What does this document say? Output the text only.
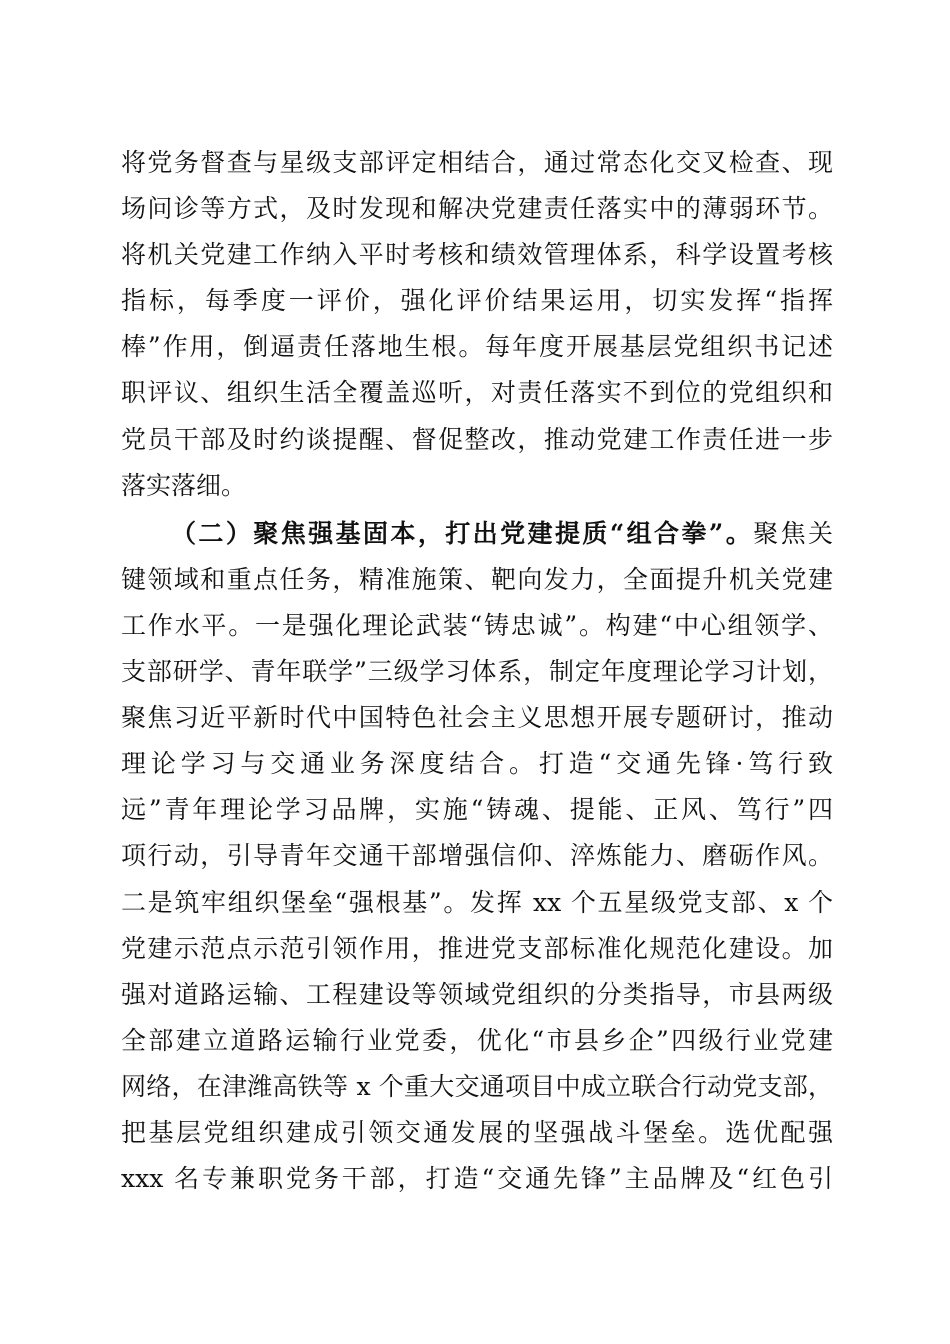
将党务督查与星级支部评定相结合，通过常态化交叉检查、现
场问诊等方式，及时发现和解决党建责任落实中的薄弱环节。
将机关党建工作纳入平时考核和绩效管理体系，科学设置考核
指标，每季度一评价，强化评价结果运用，切实发挥“指挥
棒”作用，倒逼责任落地生根。每年度开展基层党组织书记述
职评议、组织生活全覆盖巡听，对责任落实不到位的党组织和
党员干部及时约谈提醒、督促整改，推动党建工作责任进一步
落实落细。
（二）聚焦强基固本，打出党建提质“组合拳”。聚焦关
键领域和重点任务，精准施策、靶向发力，全面提升机关党建
工作水平。一是强化理论武装“铸忠诚”。构建“中心组领学、
支部研学、青年联学”三级学习体系，制定年度理论学习计划，
聚焦习近平新时代中国特色社会主义思想开展专题研讨，推动
理论学习与交通业务深度结合。打造“交通先锋·笃行致
远”青年理论学习品牌，实施“铸魂、提能、正风、笃行”四
项行动，引导青年交通干部增强信仰、淬炼能力、磨砺作风。
二是筑牢组织堡垒“强根基”。发挥 xx 个五星级党支部、x 个
党建示范点示范引领作用，推进党支部标准化规范化建设。加
强对道路运输、工程建设等领域党组织的分类指导，市县两级
全部建立道路运输行业党委，优化“市县乡企”四级行业党建
网络，在津潍高铁等 x 个重大交通项目中成立联合行动党支部，
把基层党组织建成引领交通发展的坚强战斗堡垒。选优配强
xxx 名专兼职党务干部，打造“交通先锋”主品牌及“红色引
